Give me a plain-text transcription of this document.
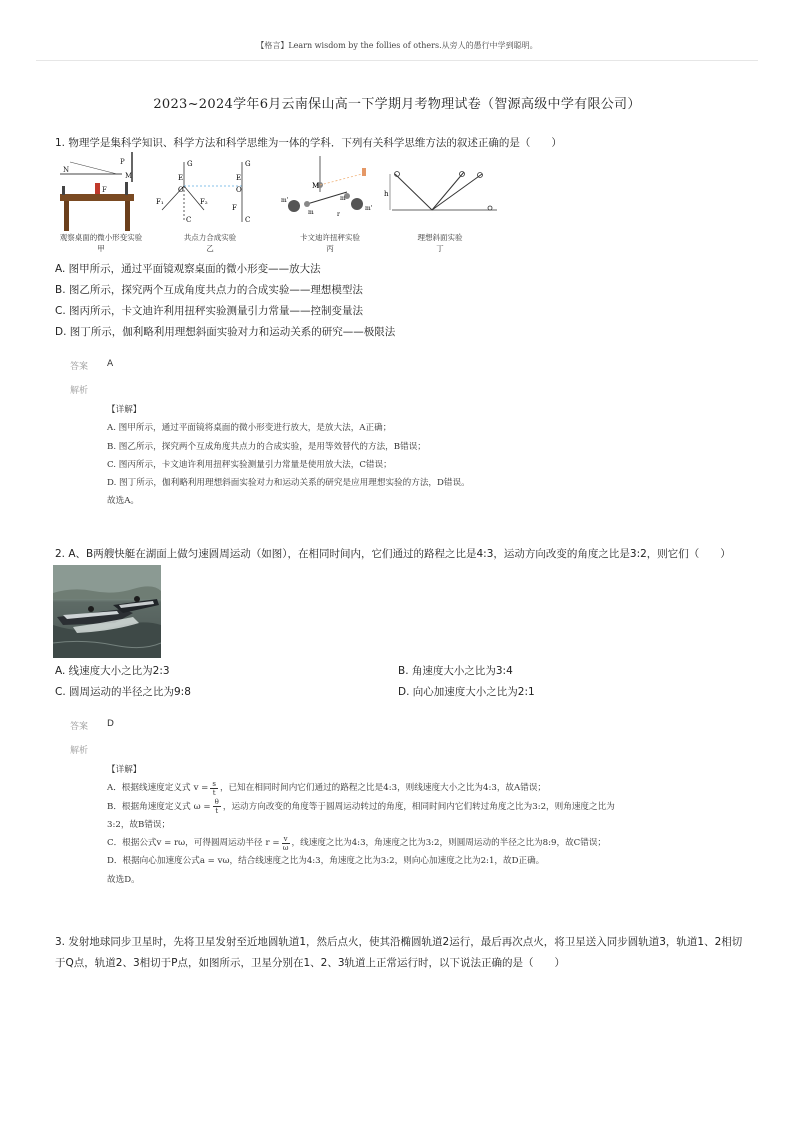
【格言】Learn wisdom by the follies of others.从旁人的愚行中学到聪明。
2023~2024学年6月云南保山高一下学期月考物理试卷（智源高级中学有限公司）
1. 物理学是集科学知识、科学方法和科学思维为一体的学科．下列有关科学思维方法的叙述正确的是（　　）
N
P
M
F
G
E
O
F₁	F₂
C
G
E
O
F
C
M
m'
m	r
m
m'
h
观察桌面的微小形变实验
甲
共点力合成实验
乙
卡文迪许扭秤实验
丙
理想斜面实验
丁
A. 图甲所示，通过平面镜观察桌面的微小形变——放大法
B. 图乙所示，探究两个互成角度共点力的合成实验——理想模型法
C. 图丙所示，卡文迪许利用扭秤实验测量引力常量——控制变量法
D. 图丁所示，伽利略利用理想斜面实验对力和运动关系的研究——极限法
答案 A
解析
【详解】
A. 图甲所示，通过平面镜将桌面的微小形变进行放大，是放大法，A正确；
B. 图乙所示，探究两个互成角度共点力的合成实验，是用等效替代的方法，B错误；
C. 图丙所示，卡文迪许利用扭秤实验测量引力常量是使用放大法，C错误；
D. 图丁所示，伽利略利用理想斜面实验对力和运动关系的研究是应用理想实验的方法，D错误。
故选A。
2. A、B两艘快艇在湖面上做匀速圆周运动（如图），在相同时间内，它们通过的路程之比是4:3，运动方向改变的角度之比是3:2，则它们（　　）
A. 线速度大小之比为2:3	B. 角速度大小之比为3:4
C. 圆周运动的半径之比为9:8	D. 向心加速度大小之比为2:1
答案 D
解析
【详解】
A．根据线速度定义式 $v = \frac{s}{t}$ ，已知在相同时间内它们通过的路程之比是4:3，则线速度大小之比为4:3，故A错误；
B．根据角速度定义式 $\omega = \frac{\theta}{t}$ ，运动方向改变的角度等于圆周运动转过的角度，相同时间内它们转过角度之比为3:2，则角速度之比为
3:2，故B错误；
C．根据公式v = rω，可得圆周运动半径 $r = \frac{v}{\omega}$ ，线速度之比为4:3，角速度之比为3:2，则圆周运动的半径之比为8:9，故C错误；
D．根据向心加速度公式a = vω，结合线速度之比为4:3，角速度之比为3:2，则向心加速度之比为2:1，故D正确。
故选D。
3. 发射地球同步卫星时，先将卫星发射至近地圆轨道1，然后点火，使其沿椭圆轨道2运行，最后再次点火，将卫星送入同步圆轨道3，轨道1、2相切
于Q点，轨道2、3相切于P点，如图所示，卫星分别在1、2、3轨道上正常运行时，以下说法正确的是（　　）
